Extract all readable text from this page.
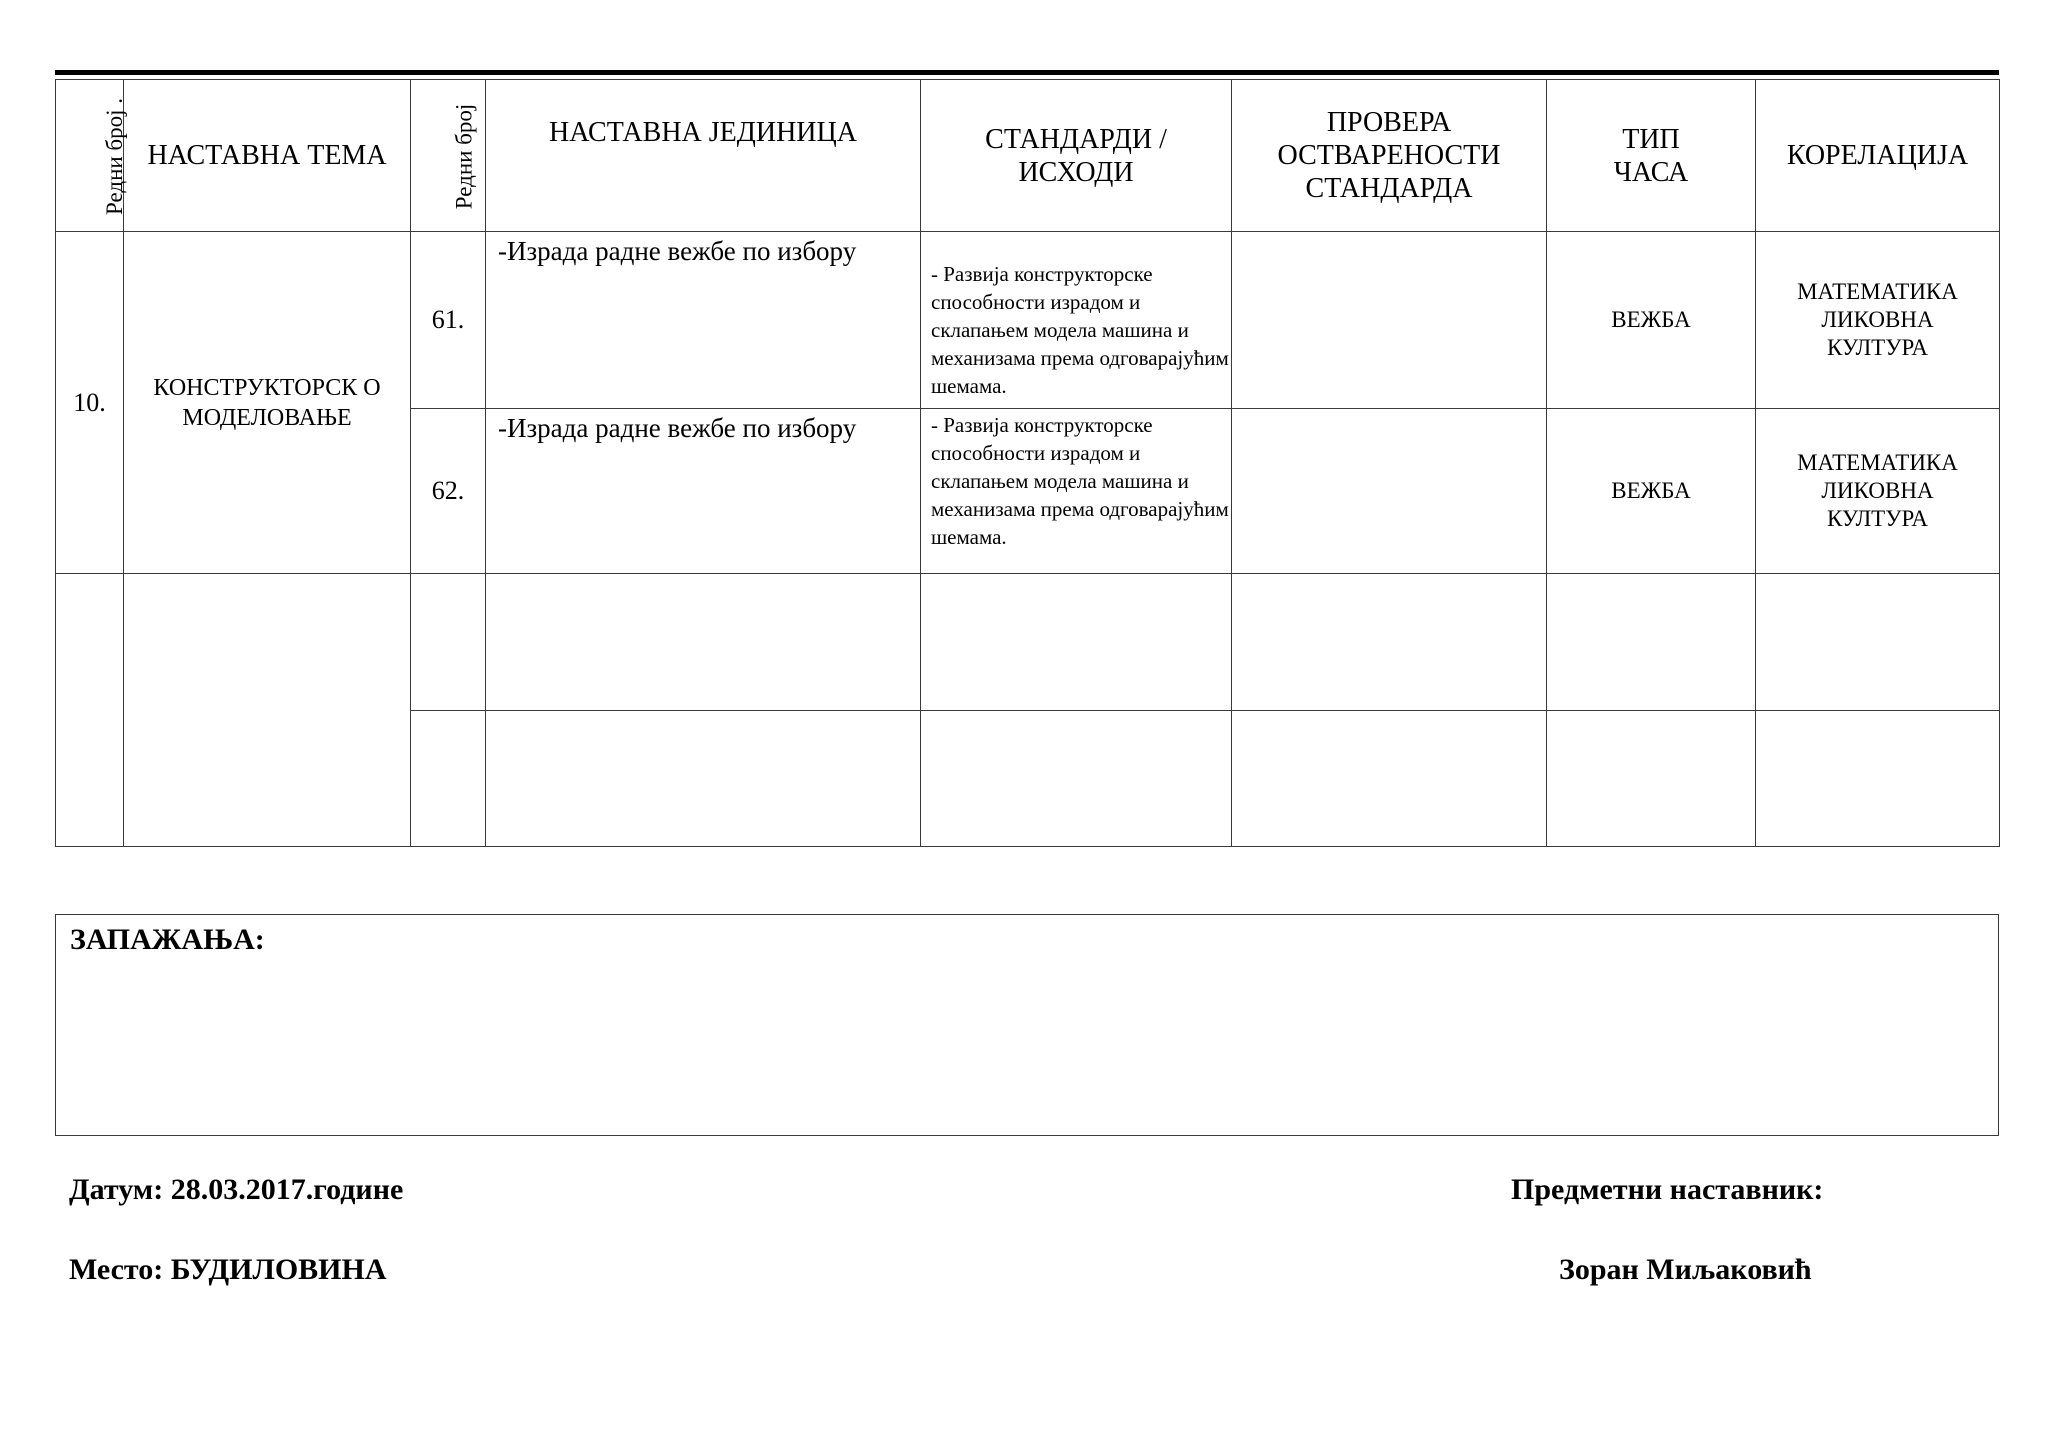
Редни број .	НАСТАВНА ТЕМА	Редни број	НАСТАВНА ЈЕДИНИЦА	СТАНДАРДИ / ИСХОДИ	ПРОВЕРА ОСТВАРЕНОСТИ СТАНДАРДА	ТИП ЧАСА	КОРЕЛАЦИЈА
10.	КОНСТРУКТОРСК О МОДЕЛОВАЊЕ	61.	-Израда радне вежбе по избору	- Развија конструкторске способности израдом и склапањем модела машина и механизама према одговарајућим шемама.		ВЕЖБА	МАТЕМАТИКА ЛИКОВНА КУЛТУРА
		62.	-Израда радне вежбе по избору	- Развија конструкторске способности израдом и склапањем модела машина и механизама према одговарајућим шемама.		ВЕЖБА	МАТЕМАТИКА ЛИКОВНА КУЛТУРА

ЗАПАЖАЊА:
Датум: 28.03.2017.године
Место: БУДИЛОВИНА
Предметни наставник:
Зоран Миљаковић
